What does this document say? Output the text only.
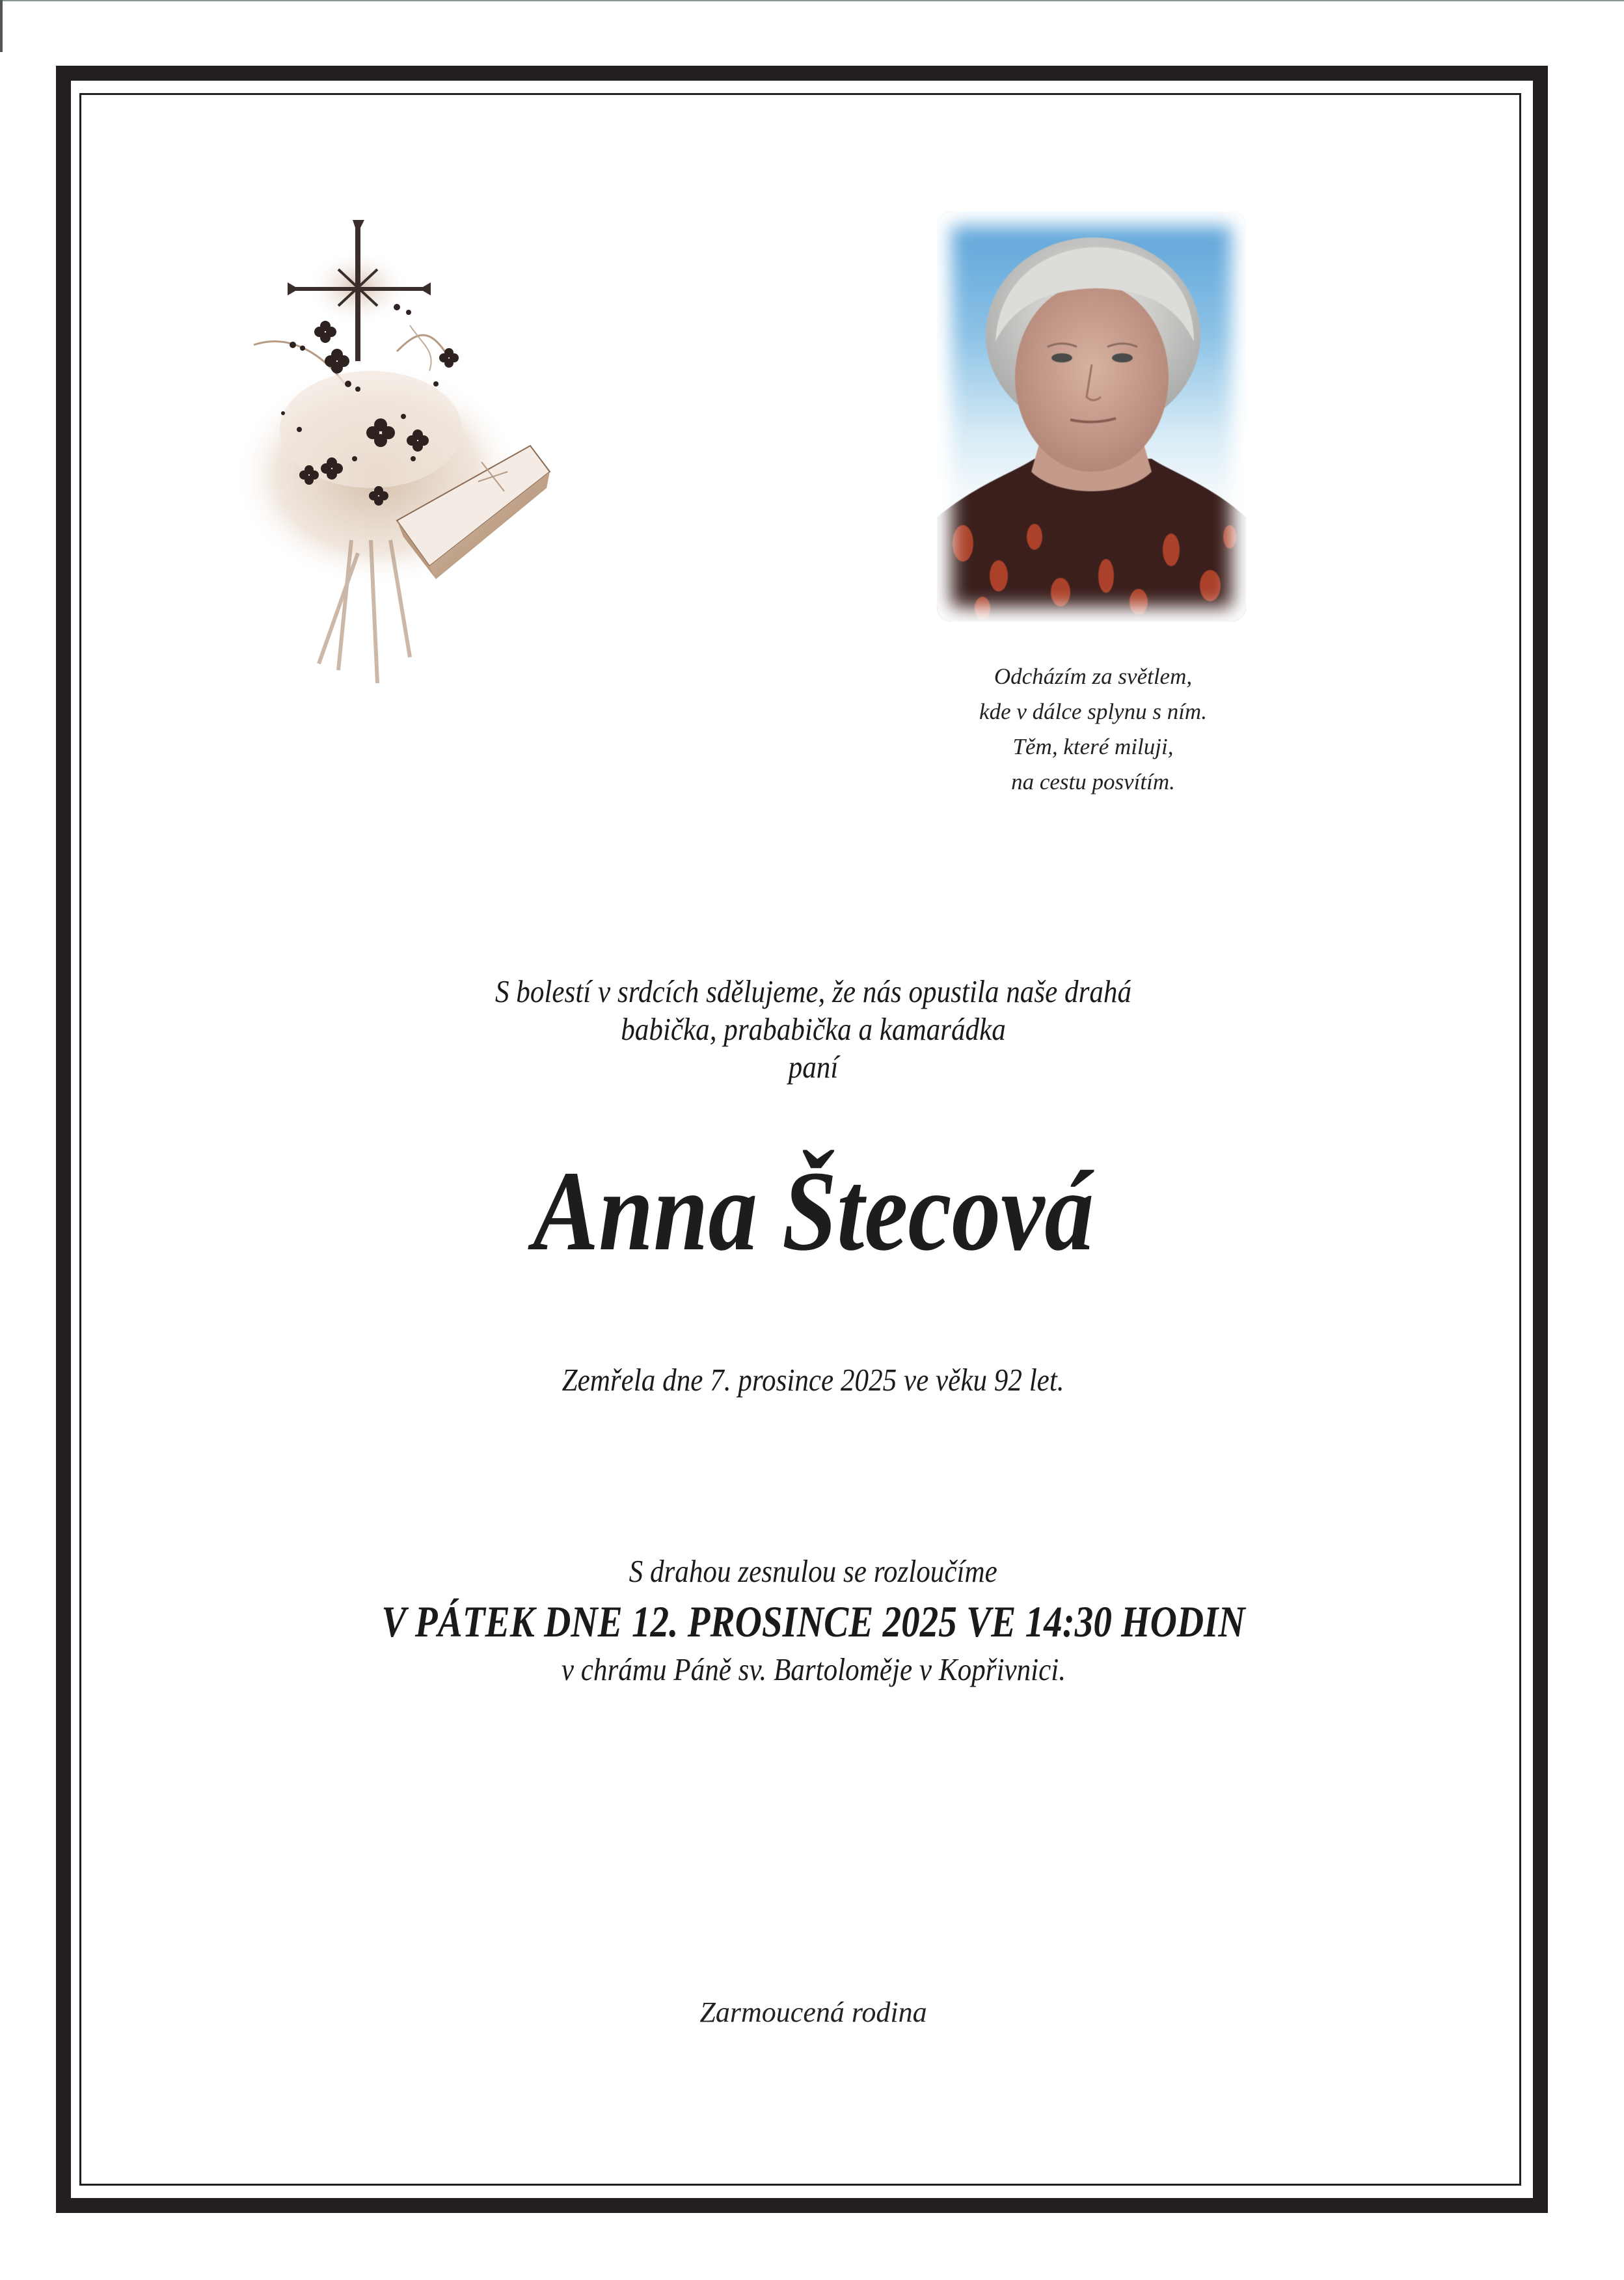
Odcházím za světlem,
kde v dálce splynu s ním.
Těm, které miluji,
na cestu posvítím.
S bolestí v srdcích sdělujeme, že nás opustila naše drahá
babička, prababička a kamarádka
paní
Anna Štecová
Zemřela dne 7. prosince 2025 ve věku 92 let.
S drahou zesnulou se rozloučíme
V PÁTEK DNE 12. PROSINCE 2025 VE 14:30 HODIN
v chrámu Páně sv. Bartoloměje v Kopřivnici.
Zarmoucená rodina
